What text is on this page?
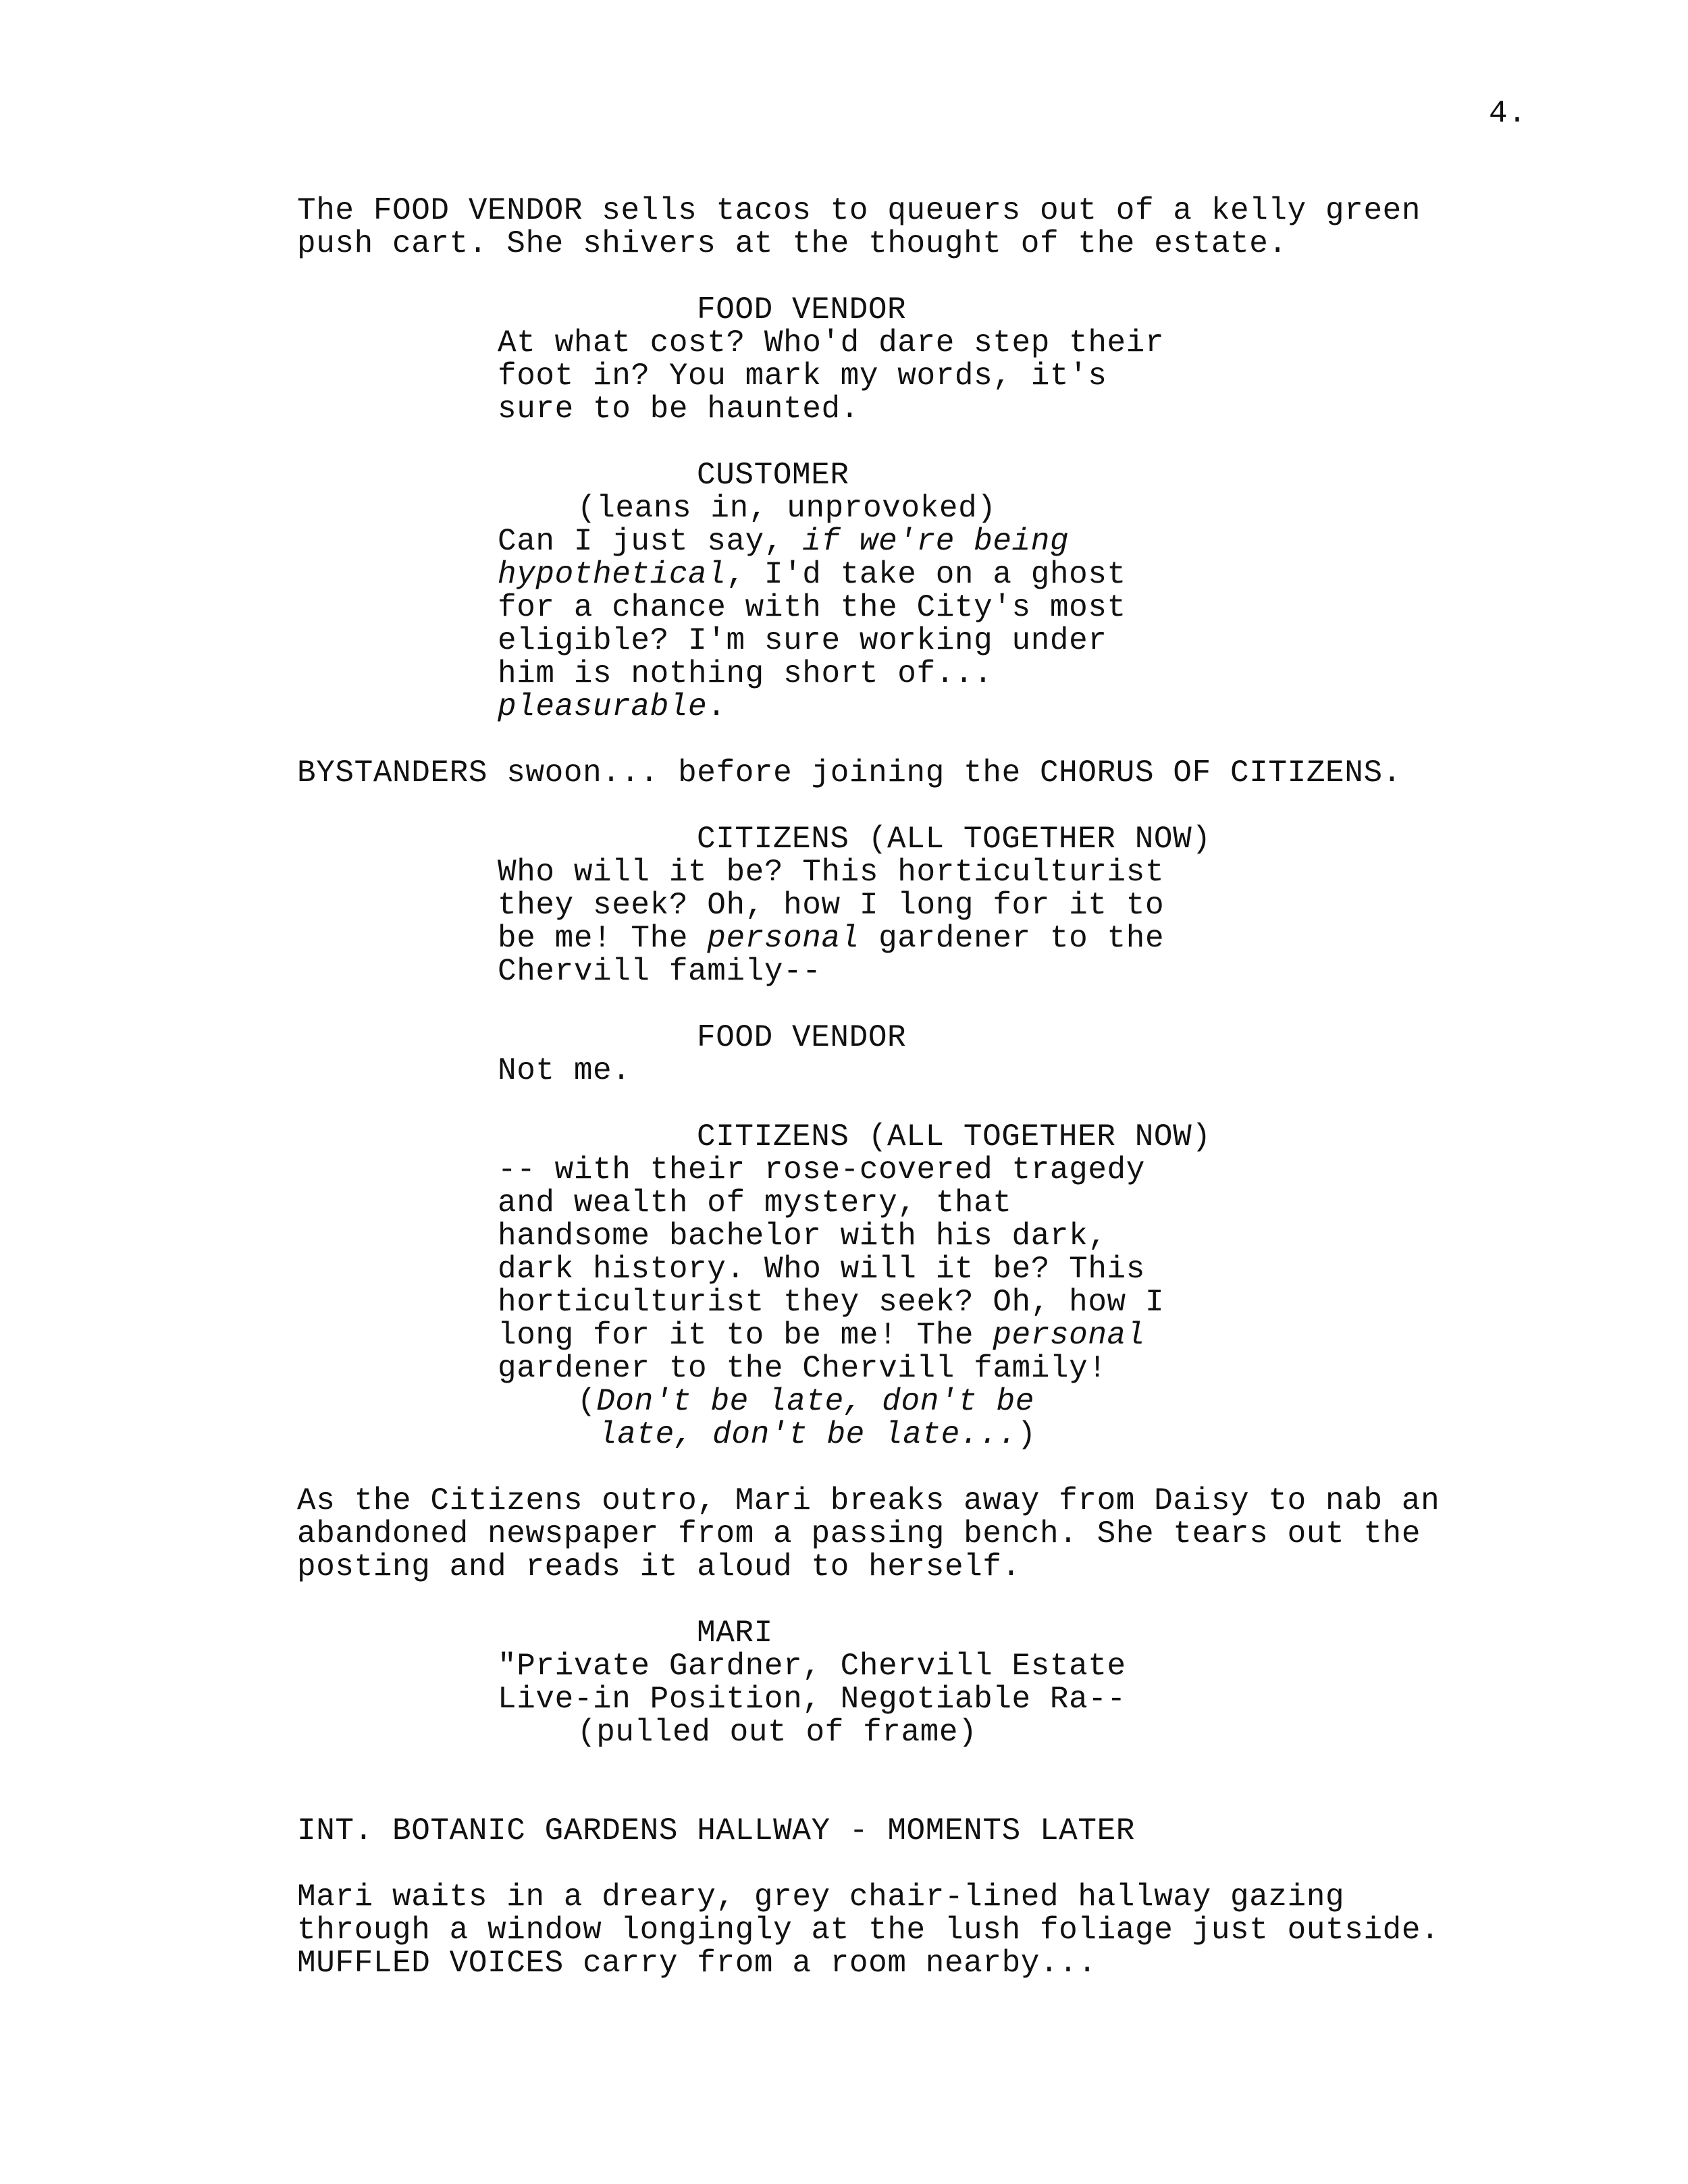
4.
The FOOD VENDOR sells tacos to queuers out of a kelly green
push cart. She shivers at the thought of the estate.
FOOD VENDOR
At what cost? Who'd dare step their
foot in? You mark my words, it's
sure to be haunted.
CUSTOMER
(leans in, unprovoked)
Can I just say, if we're being
hypothetical, I'd take on a ghost
for a chance with the City's most
eligible? I'm sure working under
him is nothing short of...
pleasurable.
BYSTANDERS swoon... before joining the CHORUS OF CITIZENS.
CITIZENS (ALL TOGETHER NOW)
Who will it be? This horticulturist
they seek? Oh, how I long for it to
be me! The personal gardener to the
Chervill family--
FOOD VENDOR
Not me.
CITIZENS (ALL TOGETHER NOW)
-- with their rose-covered tragedy
and wealth of mystery, that
handsome bachelor with his dark,
dark history. Who will it be? This
horticulturist they seek? Oh, how I
long for it to be me! The personal
gardener to the Chervill family!
(Don't be late, don't be
late, don't be late...)
As the Citizens outro, Mari breaks away from Daisy to nab an
abandoned newspaper from a passing bench. She tears out the
posting and reads it aloud to herself.
MARI
"Private Gardner, Chervill Estate
Live-in Position, Negotiable Ra--
(pulled out of frame)
INT. BOTANIC GARDENS HALLWAY - MOMENTS LATER
Mari waits in a dreary, grey chair-lined hallway gazing
through a window longingly at the lush foliage just outside.
MUFFLED VOICES carry from a room nearby...
